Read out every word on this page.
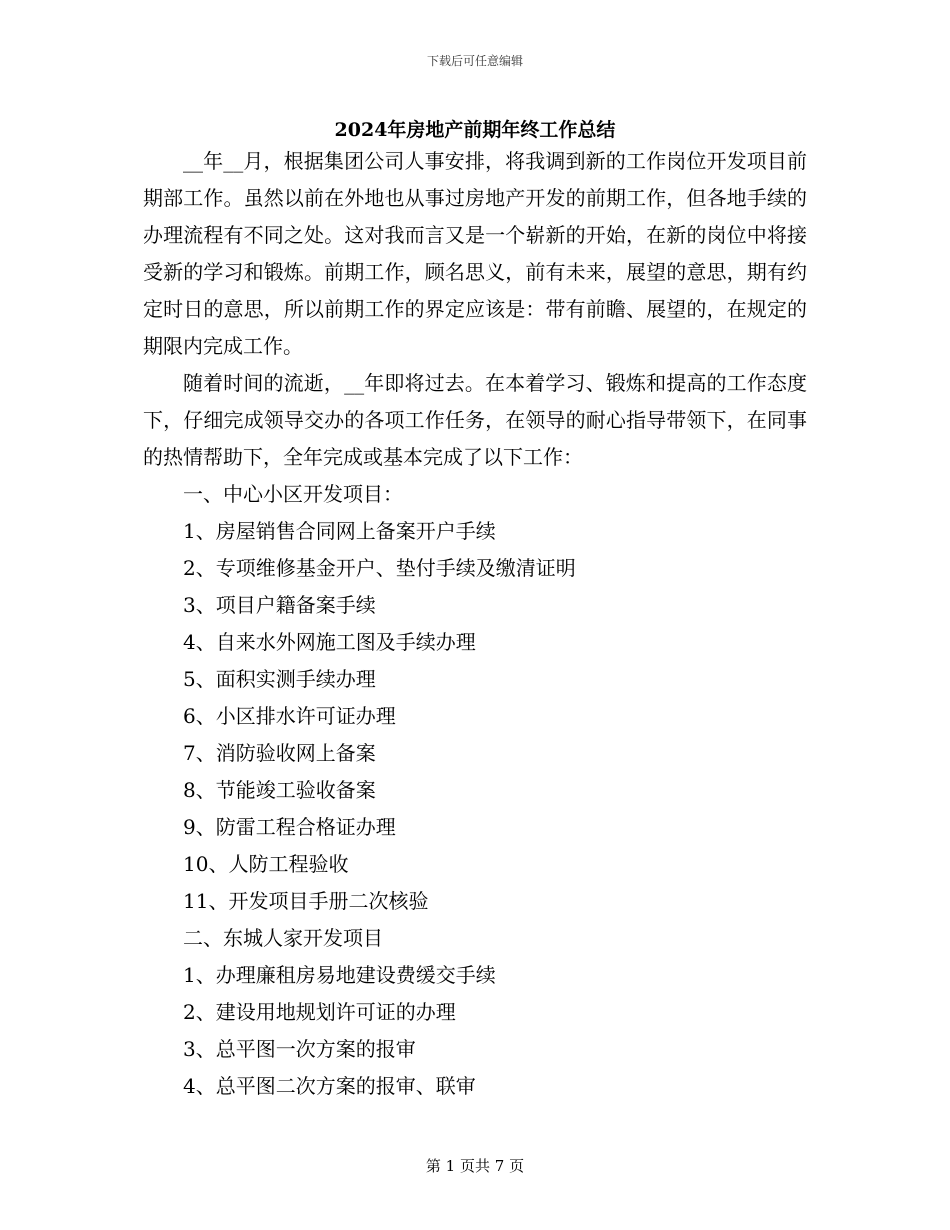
下载后可任意编辑
2024年房地产前期年终工作总结

__年__月，根据集团公司人事安排，将我调到新的工作岗位开发项目前期部工作。虽然以前在外地也从事过房地产开发的前期工作，但各地手续的办理流程有不同之处。这对我而言又是一个崭新的开始，在新的岗位中将接受新的学习和锻炼。前期工作，顾名思义，前有未来，展望的意思，期有约定时日的意思，所以前期工作的界定应该是：带有前瞻、展望的，在规定的期限内完成工作。

随着时间的流逝，__年即将过去。在本着学习、锻炼和提高的工作态度下，仔细完成领导交办的各项工作任务，在领导的耐心指导带领下，在同事的热情帮助下，全年完成或基本完成了以下工作：

一、中心小区开发项目：

1、房屋销售合同网上备案开户手续

2、专项维修基金开户、垫付手续及缴清证明

3、项目户籍备案手续

4、自来水外网施工图及手续办理

5、面积实测手续办理

6、小区排水许可证办理

7、消防验收网上备案

8、节能竣工验收备案

9、防雷工程合格证办理

10、人防工程验收

11、开发项目手册二次核验

二、东城人家开发项目

1、办理廉租房易地建设费缓交手续

2、建设用地规划许可证的办理

3、总平图一次方案的报审

4、总平图二次方案的报审、联审

第 1 页共 7 页
